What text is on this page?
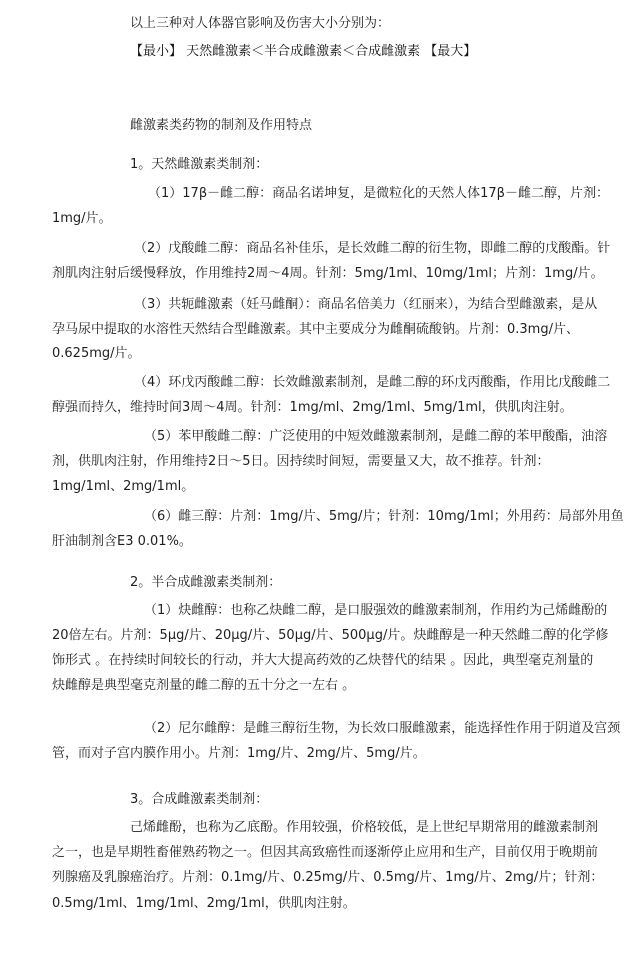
以上三种对人体器官影响及伤害大小分别为：
【最小】 天然雌激素＜半合成雌激素＜合成雌激素 【最大】
雌激素类药物的制剂及作用特点
1。天然雌激素类制剂：
（1）17β－雌二醇：商品名诺坤复，是微粒化的天然人体17β－雌二醇，片剂：
1mg/片。
（2）戊酸雌二醇：商品名补佳乐，是长效雌二醇的衍生物，即雌二醇的戊酸酯。针
剂肌肉注射后缓慢释放，作用维持2周～4周。针剂：5mg/1ml、10mg/1ml；片剂：1mg/片。
（3）共轭雌激素（妊马雌酮）：商品名倍美力（红丽来），为结合型雌激素，是从
孕马尿中提取的水溶性天然结合型雌激素。其中主要成分为雌酮硫酸钠。片剂：0.3mg/片、
0.625mg/片。
（4）环戊丙酸雌二醇：长效雌激素制剂，是雌二醇的环戊丙酸酯，作用比戊酸雌二
醇强而持久，维持时间3周～4周。针剂：1mg/ml、2mg/1ml、5mg/1ml，供肌肉注射。
（5）苯甲酸雌二醇：广泛使用的中短效雌激素制剂，是雌二醇的苯甲酸酯，油溶
剂，供肌肉注射，作用维持2日～5日。因持续时间短，需要量又大，故不推荐。针剂：
1mg/1ml、2mg/1ml。
（6）雌三醇：片剂：1mg/片、5mg/片；针剂：10mg/1ml；外用药：局部外用鱼
肝油制剂含E3 0.01%。
2。半合成雌激素类制剂：
（1）炔雌醇：也称乙炔雌二醇，是口服强效的雌激素制剂，作用约为己烯雌酚的
20倍左右。片剂：5μg/片、20μg/片、50μg/片、500μg/片。炔雌醇是一种天然雌二醇的化学修
饰形式 。在持续时间较长的行动，并大大提高药效的乙炔替代的结果 。因此，典型毫克剂量的
炔雌醇是典型毫克剂量的雌二醇的五十分之一左右 。
（2）尼尔雌醇：是雌三醇衍生物，为长效口服雌激素，能选择性作用于阴道及宫颈
管，而对子宫内膜作用小。片剂：1mg/片、2mg/片、5mg/片。
3。合成雌激素类制剂：
己烯雌酚，也称为乙底酚。作用较强，价格较低，是上世纪早期常用的雌激素制剂
之一，也是早期牲畜催熟药物之一。但因其高致癌性而逐渐停止应用和生产，目前仅用于晚期前
列腺癌及乳腺癌治疗。片剂：0.1mg/片、0.25mg/片、0.5mg/片、1mg/片、2mg/片；针剂：
0.5mg/1ml、1mg/1ml、2mg/1ml，供肌肉注射。
